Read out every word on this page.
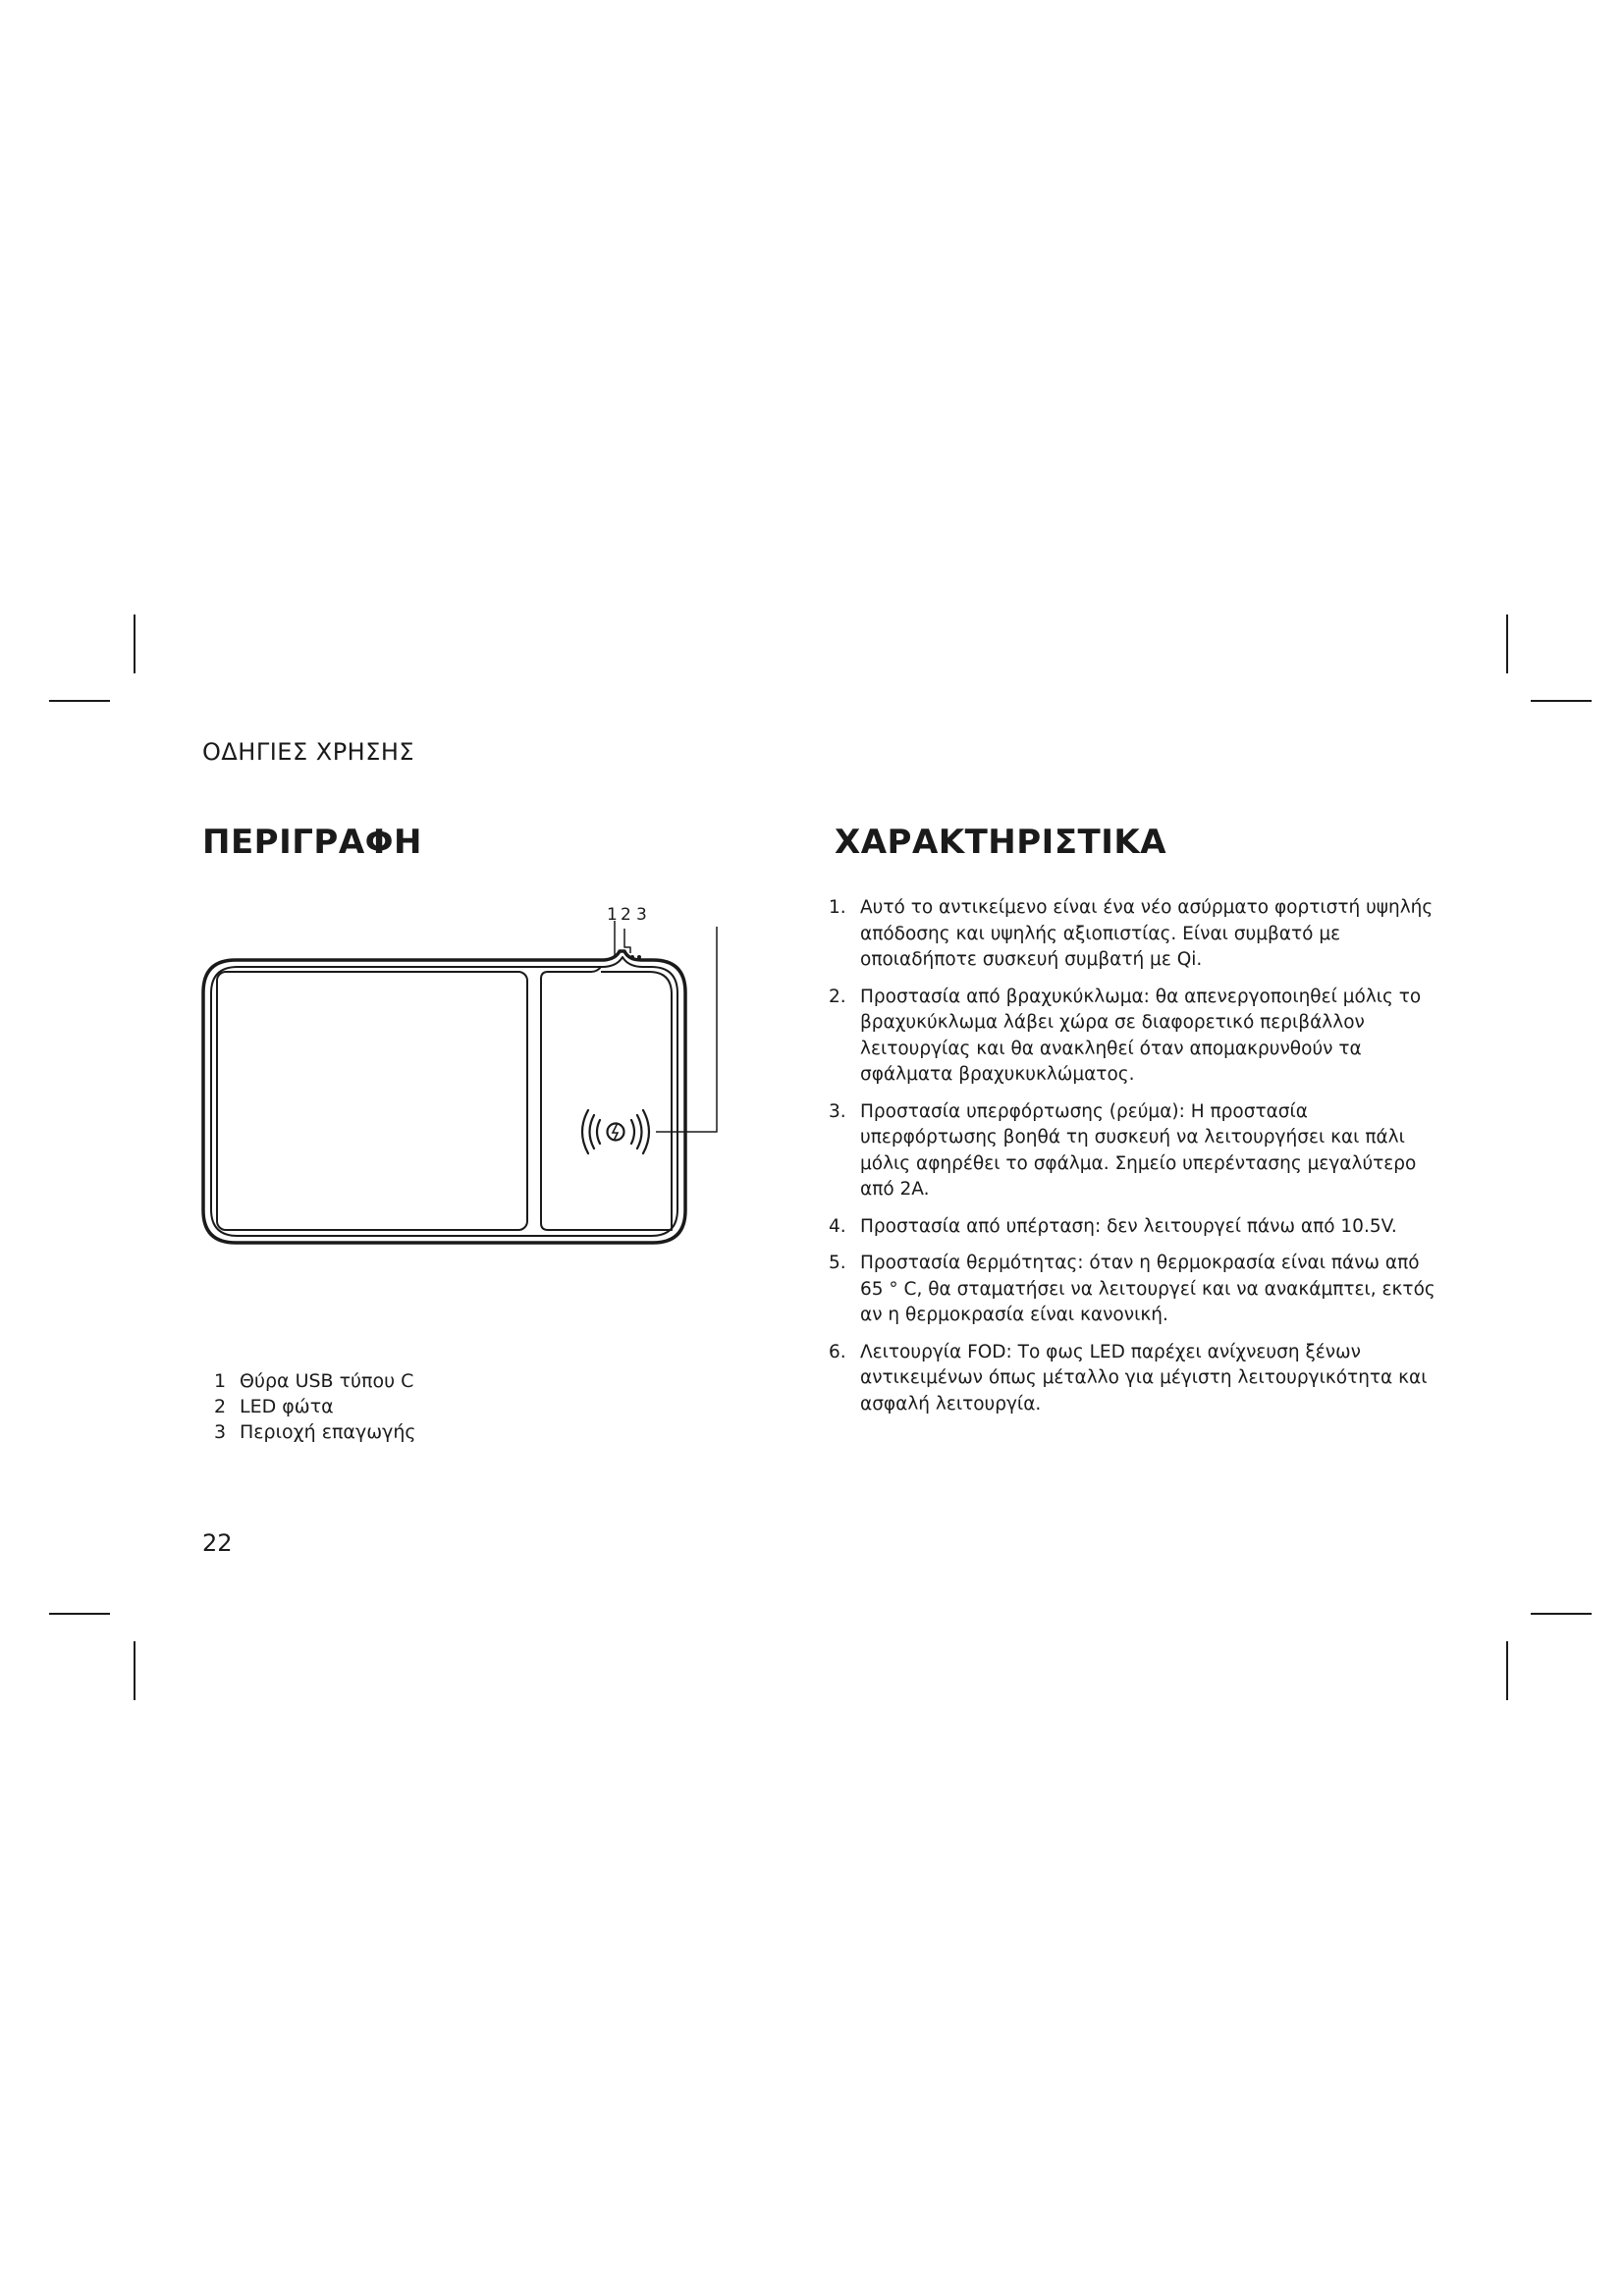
ΟΔΗΓΙΕΣ ΧΡΗΣΗΣ
ΠΕΡΙΓΡΑΦΗ	ΧΑΡΑΚΤΗΡΙΣΤΙΚΑ
1 2 3
1 Θύρα USB τύπου C
2 LED φώτα
3 Περιοχή επαγωγής
1. Αυτό το αντικείμενο είναι ένα νέο ασύρματο φορτιστή υψηλής απόδοσης και υψηλής αξιοπιστίας. Είναι συμβατό με οποιαδήποτε συσκευή συμβατή με Qi.
2. Προστασία από βραχυκύκλωμα: θα απενεργοποιηθεί μόλις το βραχυκύκλωμα λάβει χώρα σε διαφορετικό περιβάλλον λειτουργίας και θα ανακληθεί όταν απομακρυνθούν τα σφάλματα βραχυκυκλώματος.
3. Προστασία υπερφόρτωσης (ρεύμα): Η προστασία υπερφόρτωσης βοηθά τη συσκευή να λειτουργήσει και πάλι μόλις αφηρέθει το σφάλμα. Σημείο υπερέντασης μεγαλύτερο από 2A.
4. Προστασία από υπέρταση: δεν λειτουργεί πάνω από 10.5V.
5. Προστασία θερμότητας: όταν η θερμοκρασία είναι πάνω από 65 ° C, θα σταματήσει να λειτουργεί και να ανακάμπτει, εκτός αν η θερμοκρασία είναι κανονική.
6. Λειτουργία FOD: Το φως LED παρέχει ανίχνευση ξένων αντικειμένων όπως μέταλλο για μέγιστη λειτουργικότητα και ασφαλή λειτουργία.
22
